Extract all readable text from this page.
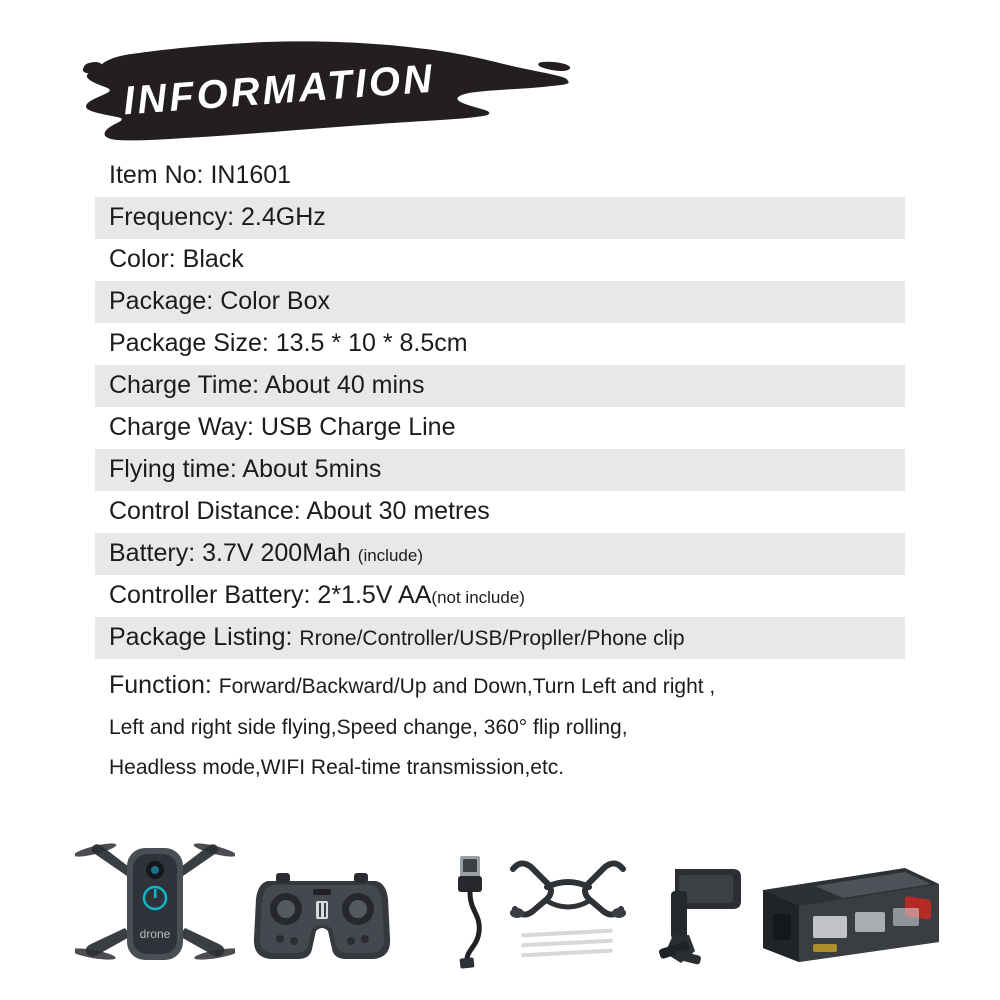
INFORMATION
Item No: IN1601
Frequency: 2.4GHz
Color: Black
Package: Color Box
Package Size: 13.5 * 10 * 8.5cm
Charge Time: About 40 mins
Charge Way: USB Charge Line
Flying time: About 5mins
Control Distance: About 30 metres
Battery: 3.7V 200Mah (include)
Controller Battery: 2*1.5V AA(not include)
Package Listing: Rrone/Controller/USB/Propller/Phone clip
Function: Forward/Backward/Up and Down,Turn Left and right ,
Left and right side flying,Speed change, 360° flip rolling,
Headless mode,WIFI Real-time transmission,etc.
drone
